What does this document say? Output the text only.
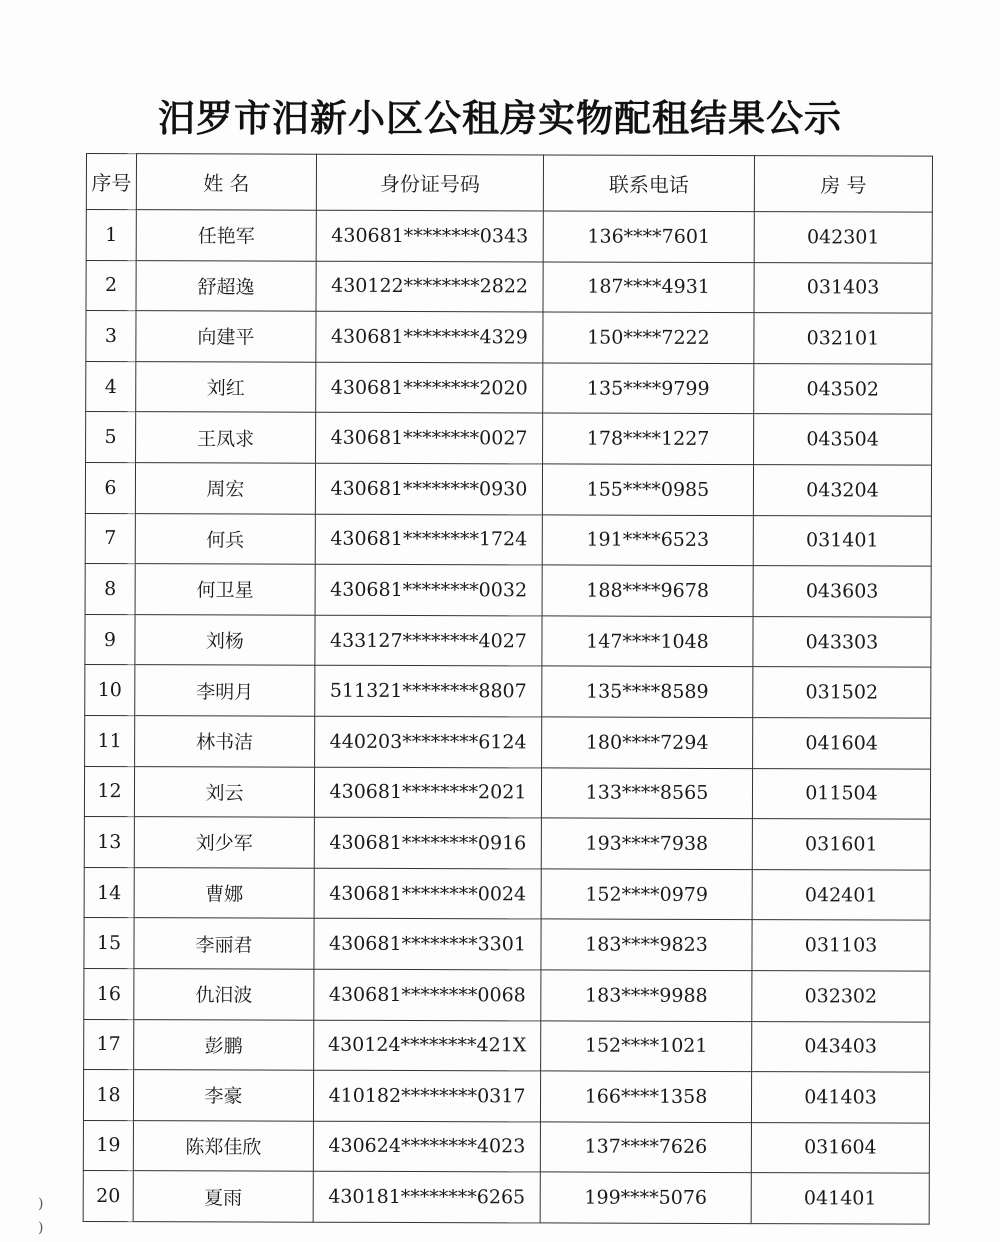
汨罗市汨新小区公租房实物配租结果公示
序号	姓 名	身份证号码	联系电话	房 号
1	任艳军	430681********0343	136****7601	042301
2	舒超逸	430122********2822	187****4931	031403
3	向建平	430681********4329	150****7222	032101
4	刘红	430681********2020	135****9799	043502
5	王凤求	430681********0027	178****1227	043504
6	周宏	430681********0930	155****0985	043204
7	何兵	430681********1724	191****6523	031401
8	何卫星	430681********0032	188****9678	043603
9	刘杨	433127********4027	147****1048	043303
10	李明月	511321********8807	135****8589	031502
11	林书洁	440203********6124	180****7294	041604
12	刘云	430681********2021	133****8565	011504
13	刘少军	430681********0916	193****7938	031601
14	曹娜	430681********0024	152****0979	042401
15	李丽君	430681********3301	183****9823	031103
16	仇汨波	430681********0068	183****9988	032302
17	彭鹏	430124********421X	152****1021	043403
18	李豪	410182********0317	166****1358	041403
19	陈郑佳欣	430624********4023	137****7626	031604
20	夏雨	430181********6265	199****5076	041401
)
)
